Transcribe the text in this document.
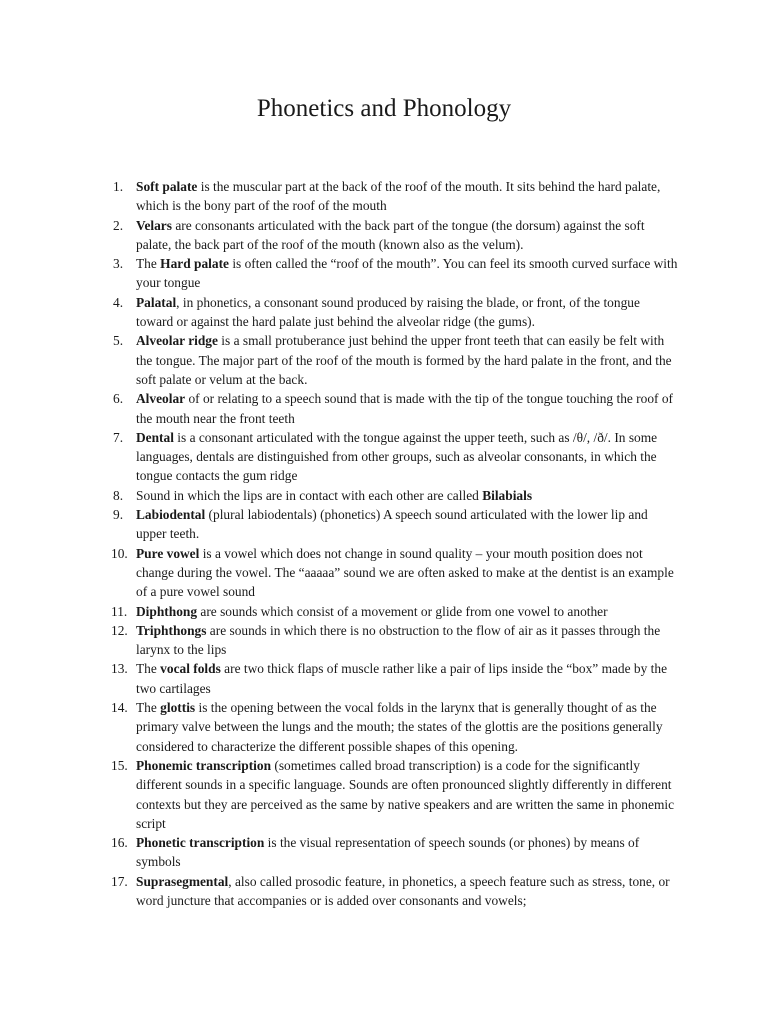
Phonetics and Phonology
1. Soft palate is the muscular part at the back of the roof of the mouth. It sits behind the hard palate, which is the bony part of the roof of the mouth
2. Velars are consonants articulated with the back part of the tongue (the dorsum) against the soft palate, the back part of the roof of the mouth (known also as the velum).
3. The Hard palate is often called the “roof of the mouth”. You can feel its smooth curved surface with your tongue
4. Palatal, in phonetics, a consonant sound produced by raising the blade, or front, of the tongue toward or against the hard palate just behind the alveolar ridge (the gums).
5. Alveolar ridge is a small protuberance just behind the upper front teeth that can easily be felt with the tongue. The major part of the roof of the mouth is formed by the hard palate in the front, and the soft palate or velum at the back.
6. Alveolar of or relating to a speech sound that is made with the tip of the tongue touching the roof of the mouth near the front teeth
7. Dental is a consonant articulated with the tongue against the upper teeth, such as /θ/, /ð/. In some languages, dentals are distinguished from other groups, such as alveolar consonants, in which the tongue contacts the gum ridge
8. Sound in which the lips are in contact with each other are called Bilabials
9. Labiodental (plural labiodentals) (phonetics) A speech sound articulated with the lower lip and upper teeth.
10. Pure vowel is a vowel which does not change in sound quality – your mouth position does not change during the vowel. The “aaaaa” sound we are often asked to make at the dentist is an example of a pure vowel sound
11. Diphthong are sounds which consist of a movement or glide from one vowel to another
12. Triphthongs are sounds in which there is no obstruction to the flow of air as it passes through the larynx to the lips
13. The vocal folds are two thick flaps of muscle rather like a pair of lips inside the “box” made by the two cartilages
14. The glottis is the opening between the vocal folds in the larynx that is generally thought of as the primary valve between the lungs and the mouth; the states of the glottis are the positions generally considered to characterize the different possible shapes of this opening.
15. Phonemic transcription (sometimes called broad transcription) is a code for the significantly different sounds in a specific language. Sounds are often pronounced slightly differently in different contexts but they are perceived as the same by native speakers and are written the same in phonemic script
16. Phonetic transcription is the visual representation of speech sounds (or phones) by means of symbols
17. Suprasegmental, also called prosodic feature, in phonetics, a speech feature such as stress, tone, or word juncture that accompanies or is added over consonants and vowels;
